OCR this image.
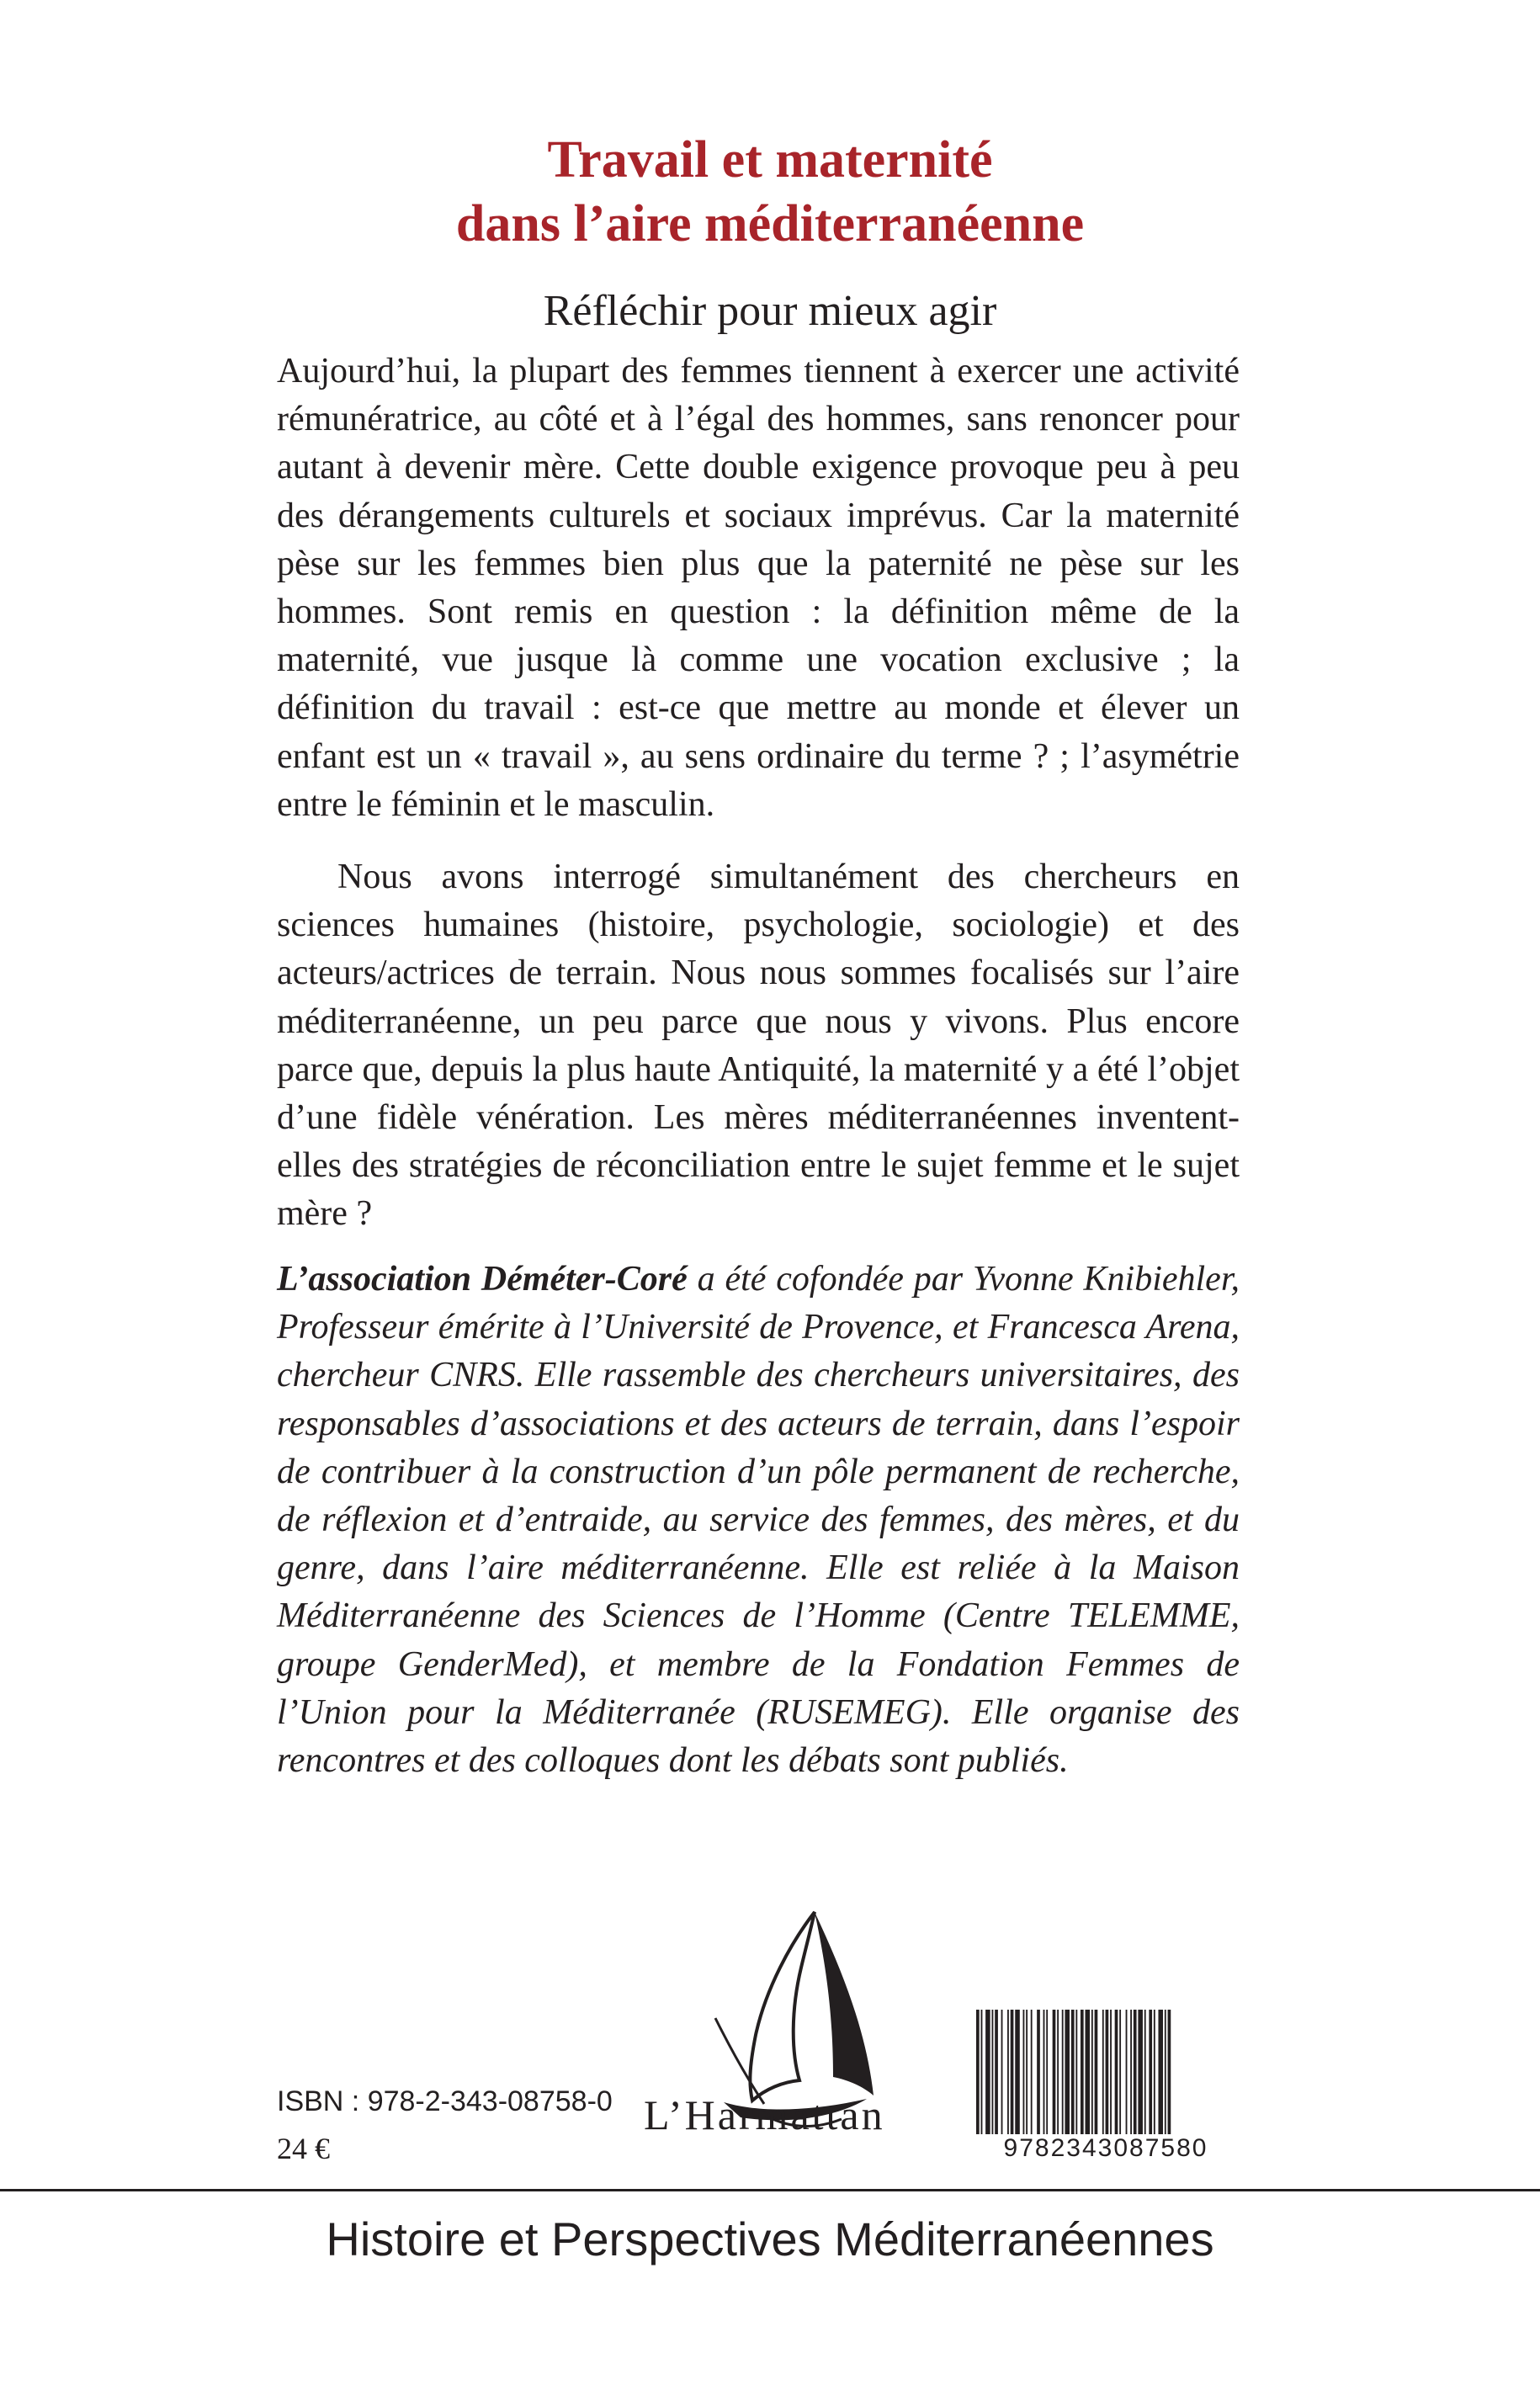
Travail et maternité
dans l’aire méditerranéenne

Réfléchir pour mieux agir

Aujourd’hui, la plupart des femmes tiennent à exercer une activité rémunératrice, au côté et à l’égal des hommes, sans renoncer pour autant à devenir mère. Cette double exigence provoque peu à peu des dérangements culturels et sociaux imprévus. Car la maternité pèse sur les femmes bien plus que la paternité ne pèse sur les hommes. Sont remis en question : la définition même de la maternité, vue jusque là comme une vocation exclusive ; la définition du travail : est-ce que mettre au monde et élever un enfant est un « travail », au sens ordinaire du terme ? ; l’asymétrie entre le féminin et le masculin.

Nous avons interrogé simultanément des chercheurs en sciences humaines (histoire, psychologie, sociologie) et des acteurs/actrices de terrain. Nous nous sommes focalisés sur l’aire méditerranéenne, un peu parce que nous y vivons. Plus encore parce que, depuis la plus haute Antiquité, la maternité y a été l’objet d’une fidèle vénération. Les mères méditerranéennes inventent-elles des stratégies de réconciliation entre le sujet femme et le sujet mère ?

L’association Déméter-Coré a été cofondée par Yvonne Knibiehler, Professeur émérite à l’Université de Provence, et Francesca Arena, chercheur CNRS. Elle rassemble des chercheurs universitaires, des responsables d’associations et des acteurs de terrain, dans l’espoir de contribuer à la construction d’un pôle permanent de recherche, de réflexion et d’entraide, au service des femmes, des mères, et du genre, dans l’aire méditerranéenne. Elle est reliée à la Maison Méditerranéenne des Sciences de l’Homme (Centre TELEMME, groupe GenderMed), et membre de la Fondation Femmes de l’Union pour la Méditerranée (RUSEMEG). Elle organise des rencontres et des colloques dont les débats sont publiés.

L’Harmattan

ISBN : 978-2-343-08758-0

24 €	9782343087580

Histoire et Perspectives Méditerranéennes
